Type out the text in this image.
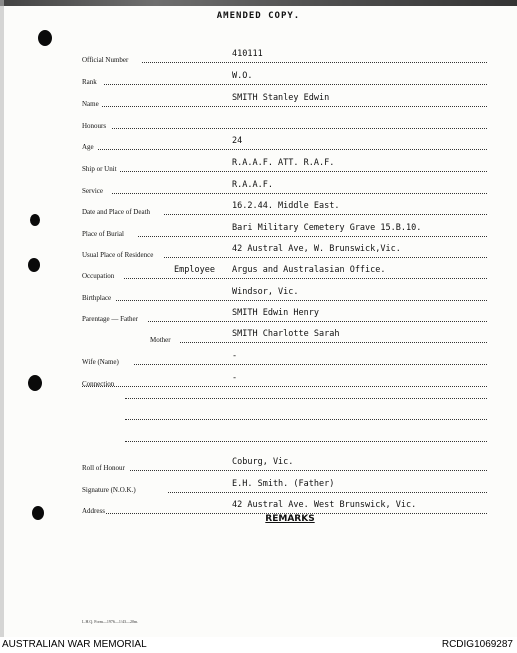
AMENDED COPY.
Official Number
410111
Rank
W.O.
Name
SMITH Stanley Edwin
Honours
Age
24
Ship or Unit
R.A.A.F. ATT. R.A.F.
Service
R.A.A.F.
Date and Place of Death
16.2.44. Middle East.
Place of Burial
Bari Military Cemetery Grave 15.B.10.
Usual Place of Residence
42 Austral Ave, W. Brunswick,Vic.
Occupation
Employee Argus and Australasian Office.
Birthplace
Windsor, Vic.
Parentage — Father
SMITH Edwin Henry
Mother
SMITH Charlotte Sarah
Wife (Name)
-
Connection
-
Roll of Honour
Coburg, Vic.
Signature (N.O.K.)
E.H. Smith. (Father)
Address
42 Austral Ave. West Brunswick, Vic.
REMARKS
L.H.Q. Form—1976—1/43—20m.
AUSTRALIAN WAR MEMORIAL	RCDIG1069287
